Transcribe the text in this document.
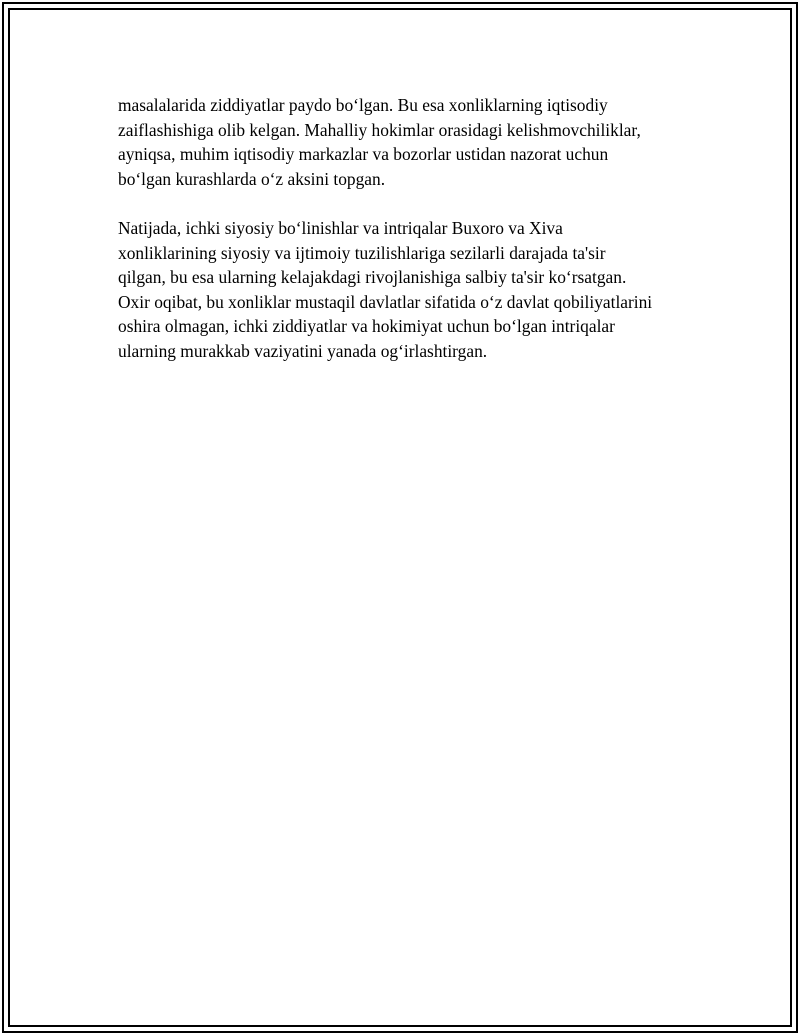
masalalarida ziddiyatlar paydo boʻlgan. Bu esa xonliklarning iqtisodiy
zaiflashishiga olib kelgan. Mahalliy hokimlar orasidagi kelishmovchiliklar,
ayniqsa, muhim iqtisodiy markazlar va bozorlar ustidan nazorat uchun
boʻlgan kurashlarda oʻz aksini topgan.

Natijada, ichki siyosiy boʻlinishlar va intriqalar Buxoro va Xiva
xonliklarining siyosiy va ijtimoiy tuzilishlariga sezilarli darajada ta'sir
qilgan, bu esa ularning kelajakdagi rivojlanishiga salbiy ta'sir koʻrsatgan.
Oxir oqibat, bu xonliklar mustaqil davlatlar sifatida oʻz davlat qobiliyatlarini
oshira olmagan, ichki ziddiyatlar va hokimiyat uchun boʻlgan intriqalar
ularning murakkab vaziyatini yanada ogʻirlashtirgan.
